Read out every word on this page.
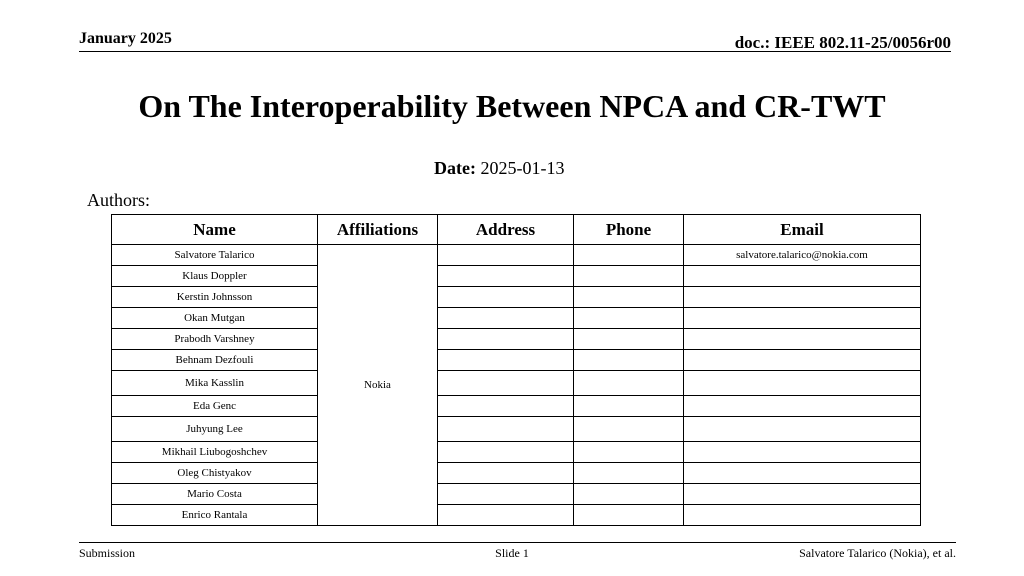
January 2025	doc.: IEEE 802.11-25/0056r00
On The Interoperability Between NPCA and CR-TWT
Date: 2025-01-13
Authors:
Name	Affiliations	Address	Phone	Email
Salvatore Talarico	Nokia			salvatore.talarico@nokia.com
Klaus Doppler				
Kerstin Johnsson				
Okan Mutgan				
Prabodh Varshney				
Behnam Dezfouli				
Mika Kasslin				
Eda Genc				
Juhyung Lee				
Mikhail Liubogoshchev				
Oleg Chistyakov				
Mario Costa				
Enrico Rantala				
Submission	Slide 1	Salvatore Talarico (Nokia), et al.
